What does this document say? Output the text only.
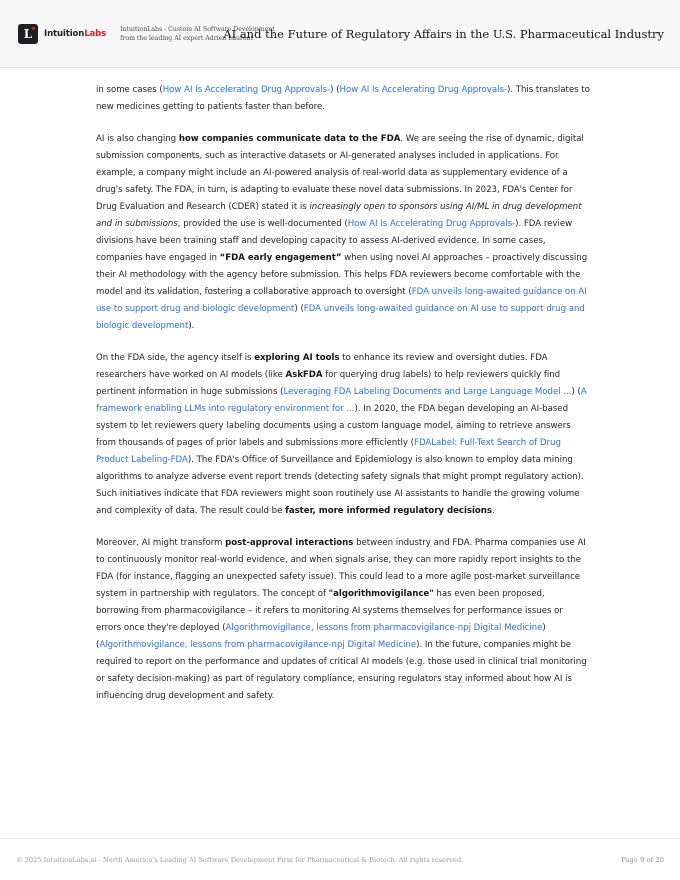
L	IntuitionLabs IntuitionLabs - Custom AI Software Development
from the leading AI expert Adrien Laurent
AI and the Future of Regulatory Affairs in the U.S. Pharmaceutical Industry

in some cases (How AI Is Accelerating Drug Approvals-) (How AI Is Accelerating Drug Approvals-). This translates to new medicines getting to patients faster than before.

AI is also changing how companies communicate data to the FDA. We are seeing the rise of dynamic, digital submission components, such as interactive datasets or AI-generated analyses included in applications. For example, a company might include an AI-powered analysis of real-world data as supplementary evidence of a drug's safety. The FDA, in turn, is adapting to evaluate these novel data submissions. In 2023, FDA's Center for Drug Evaluation and Research (CDER) stated it is increasingly open to sponsors using AI/ML in drug development and in submissions, provided the use is well-documented (How AI Is Accelerating Drug Approvals-). FDA review divisions have been training staff and developing capacity to assess AI-derived evidence. In some cases, companies have engaged in “FDA early engagement” when using novel AI approaches – proactively discussing their AI methodology with the agency before submission. This helps FDA reviewers become comfortable with the model and its validation, fostering a collaborative approach to oversight (FDA unveils long-awaited guidance on AI use to support drug and biologic development) (FDA unveils long-awaited guidance on AI use to support drug and biologic development).

On the FDA side, the agency itself is exploring AI tools to enhance its review and oversight duties. FDA researchers have worked on AI models (like AskFDA for querying drug labels) to help reviewers quickly find pertinent information in huge submissions (Leveraging FDA Labeling Documents and Large Language Model ...) (A framework enabling LLMs into regulatory environment for ...). In 2020, the FDA began developing an AI-based system to let reviewers query labeling documents using a custom language model, aiming to retrieve answers from thousands of pages of prior labels and submissions more efficiently (FDALabel: Full-Text Search of Drug Product Labeling-FDA). The FDA's Office of Surveillance and Epidemiology is also known to employ data mining algorithms to analyze adverse event report trends (detecting safety signals that might prompt regulatory action). Such initiatives indicate that FDA reviewers might soon routinely use AI assistants to handle the growing volume and complexity of data. The result could be faster, more informed regulatory decisions.

Moreover, AI might transform post-approval interactions between industry and FDA. Pharma companies use AI to continuously monitor real-world evidence, and when signals arise, they can more rapidly report insights to the FDA (for instance, flagging an unexpected safety issue). This could lead to a more agile post-market surveillance system in partnership with regulators. The concept of "algorithmovigilance" has even been proposed, borrowing from pharmacovigilance – it refers to monitoring AI systems themselves for performance issues or errors once they're deployed (Algorithmovigilance, lessons from pharmacovigilance-npj Digital Medicine) (Algorithmovigilance, lessons from pharmacovigilance-npj Digital Medicine). In the future, companies might be required to report on the performance and updates of critical AI models (e.g. those used in clinical trial monitoring or safety decision-making) as part of regulatory compliance, ensuring regulators stay informed about how AI is influencing drug development and safety.

© 2025 IntuitionLabs.ai - North America's Leading AI Software Development Firm for Pharmaceutical & Biotech. All rights reserved.	Page 9 of 20
